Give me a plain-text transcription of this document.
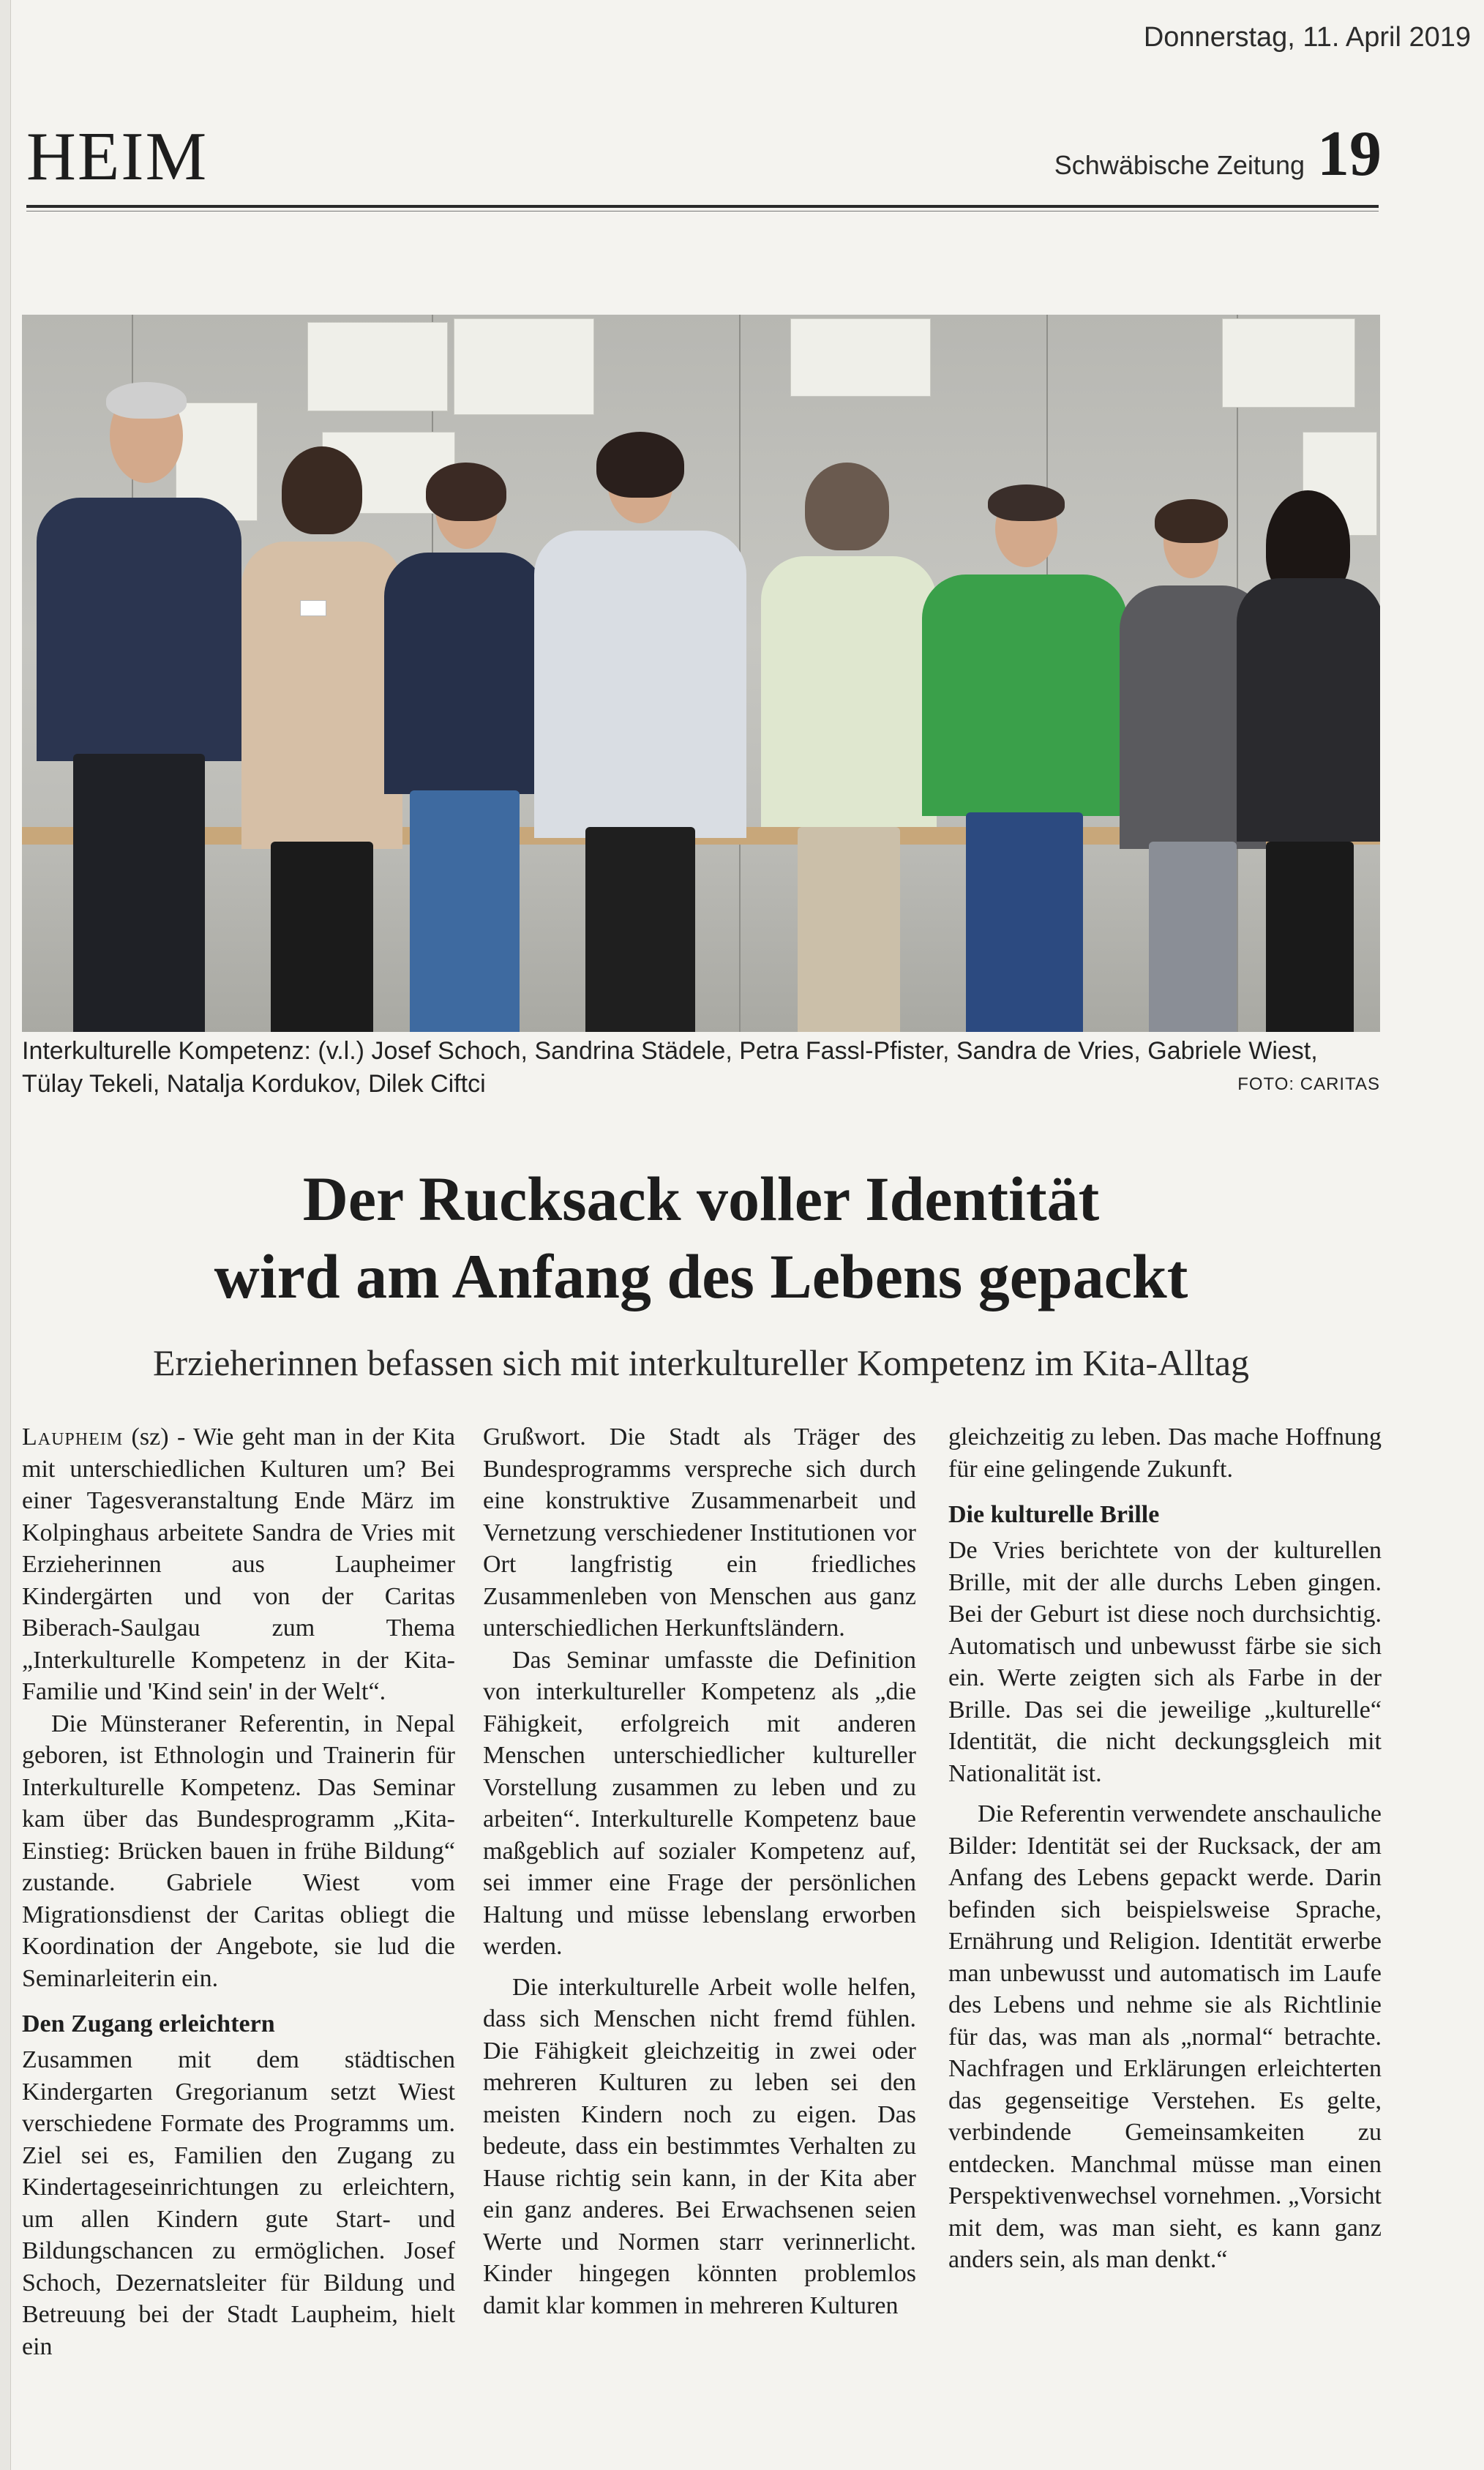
Donnerstag, 11. April 2019
HEIM	Schwäbische Zeitung 19
Interkulturelle Kompetenz: (v.l.) Josef Schoch, Sandrina Städele, Petra Fassl-Pfister, Sandra de Vries, Gabriele Wiest, Tülay Tekeli, Natalja Kordukov, Dilek Ciftci	FOTO: CARITAS
Der Rucksack voller Identität
wird am Anfang des Lebens gepackt
Erzieherinnen befassen sich mit interkultureller Kompetenz im Kita-Alltag

Laupheim (sz) - Wie geht man in der Kita mit unterschiedlichen Kulturen um? Bei einer Tagesveranstaltung Ende März im Kolpinghaus arbeitete Sandra de Vries mit Erzieherinnen aus Laupheimer Kindergärten und von der Caritas Biberach-Saulgau zum Thema „Interkulturelle Kompetenz in der Kita-Familie und 'Kind sein' in der Welt“.

Die Münsteraner Referentin, in Nepal geboren, ist Ethnologin und Trainerin für Interkulturelle Kompetenz. Das Seminar kam über das Bundesprogramm „Kita-Einstieg: Brücken bauen in frühe Bildung“ zustande. Gabriele Wiest vom Migrationsdienst der Caritas obliegt die Koordination der Angebote, sie lud die Seminarleiterin ein.

Den Zugang erleichtern

Zusammen mit dem städtischen Kindergarten Gregorianum setzt Wiest verschiedene Formate des Programms um. Ziel sei es, Familien den Zugang zu Kindertageseinrichtungen zu erleichtern, um allen Kindern gute Start- und Bildungschancen zu ermöglichen. Josef Schoch, Dezernatsleiter für Bildung und Betreuung bei der Stadt Laupheim, hielt ein

Grußwort. Die Stadt als Träger des Bundesprogramms verspreche sich durch eine konstruktive Zusammenarbeit und Vernetzung verschiedener Institutionen vor Ort langfristig ein friedliches Zusammenleben von Menschen aus ganz unterschiedlichen Herkunftsländern.

Das Seminar umfasste die Definition von interkultureller Kompetenz als „die Fähigkeit, erfolgreich mit anderen Menschen unterschiedlicher kultureller Vorstellung zusammen zu leben und zu arbeiten“. Interkulturelle Kompetenz baue maßgeblich auf sozialer Kompetenz auf, sei immer eine Frage der persönlichen Haltung und müsse lebenslang erworben werden.

Die interkulturelle Arbeit wolle helfen, dass sich Menschen nicht fremd fühlen. Die Fähigkeit gleichzeitig in zwei oder mehreren Kulturen zu leben sei den meisten Kindern noch zu eigen. Das bedeute, dass ein bestimmtes Verhalten zu Hause richtig sein kann, in der Kita aber ein ganz anderes. Bei Erwachsenen seien Werte und Normen starr verinnerlicht. Kinder hingegen könnten problemlos damit klar kommen in mehreren Kulturen

gleichzeitig zu leben. Das mache Hoffnung für eine gelingende Zukunft.

Die kulturelle Brille

De Vries berichtete von der kulturellen Brille, mit der alle durchs Leben gingen. Bei der Geburt ist diese noch durchsichtig. Automatisch und unbewusst färbe sie sich ein. Werte zeigten sich als Farbe in der Brille. Das sei die jeweilige „kulturelle“ Identität, die nicht deckungsgleich mit Nationalität ist.

Die Referentin verwendete anschauliche Bilder: Identität sei der Rucksack, der am Anfang des Lebens gepackt werde. Darin befinden sich beispielsweise Sprache, Ernährung und Religion. Identität erwerbe man unbewusst und automatisch im Laufe des Lebens und nehme sie als Richtlinie für das, was man als „normal“ betrachte. Nachfragen und Erklärungen erleichterten das gegenseitige Verstehen. Es gelte, verbindende Gemeinsamkeiten zu entdecken. Manchmal müsse man einen Perspektivenwechsel vornehmen. „Vorsicht mit dem, was man sieht, es kann ganz anders sein, als man denkt.“
